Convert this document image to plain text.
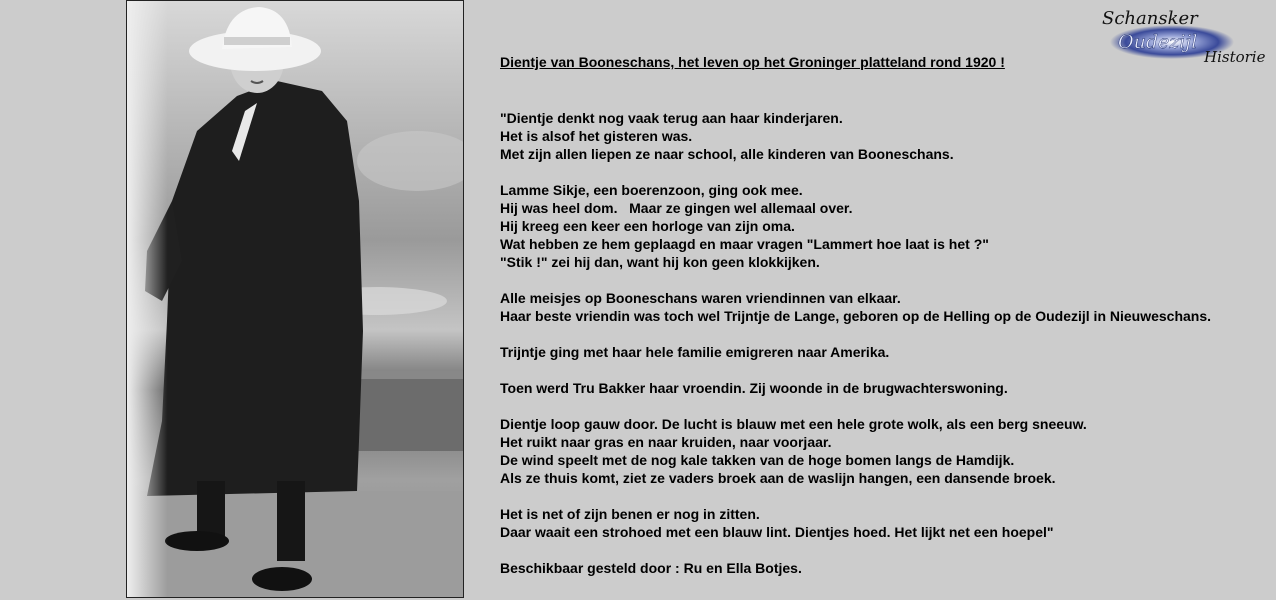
Schansker
Oudezijl
Historie
Dientje van Booneschans, het leven op het Groninger platteland rond 1920 !
"Dientje denkt nog vaak terug aan haar kinderjaren.
Het is alsof het gisteren was.
Met zijn allen liepen ze naar school, alle kinderen van Booneschans.
Lamme Sikje, een boerenzoon, ging ook mee.
Hij was heel dom.   Maar ze gingen wel allemaal over.
Hij kreeg een keer een horloge van zijn oma.
Wat hebben ze hem geplaagd en maar vragen "Lammert hoe laat is het ?"
"Stik !" zei hij dan, want hij kon geen klokkijken.
Alle meisjes op Booneschans waren vriendinnen van elkaar.
Haar beste vriendin was toch wel Trijntje de Lange, geboren op de Helling op de Oudezijl in Nieuweschans.
Trijntje ging met haar hele familie emigreren naar Amerika.
Toen werd Tru Bakker haar vroendin. Zij woonde in de brugwachterswoning.
Dientje loop gauw door. De lucht is blauw met een hele grote wolk, als een berg sneeuw.
Het ruikt naar gras en naar kruiden, naar voorjaar.
De wind speelt met de nog kale takken van de hoge bomen langs de Hamdijk.
Als ze thuis komt, ziet ze vaders broek aan de waslijn hangen, een dansende broek.
Het is net of zijn benen er nog in zitten.
Daar waait een strohoed met een blauw lint. Dientjes hoed. Het lijkt net een hoepel"
Beschikbaar gesteld door : Ru en Ella Botjes.
